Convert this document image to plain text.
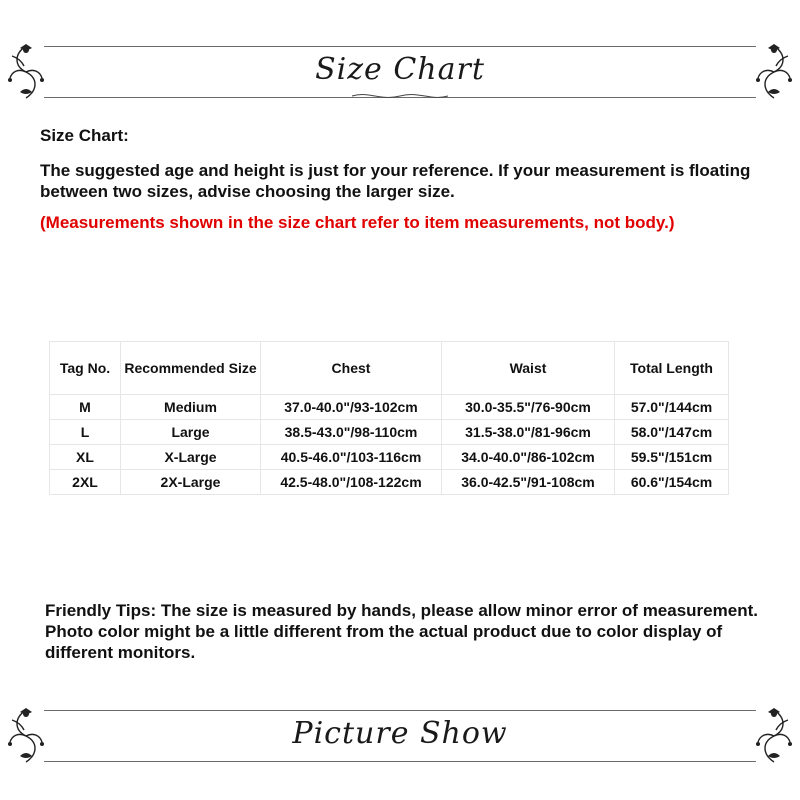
Size Chart

Size Chart:

The suggested age and height is just for your reference. If your measurement is floating between two sizes, advise choosing the larger size.

(Measurements shown in the size chart refer to item measurements, not body.)

Tag No.	Recommended Size	Chest	Waist	Total Length
M	Medium	37.0-40.0"/93-102cm	30.0-35.5"/76-90cm	57.0"/144cm
L	Large	38.5-43.0"/98-110cm	31.5-38.0"/81-96cm	58.0"/147cm
XL	X-Large	40.5-46.0"/103-116cm	34.0-40.0"/86-102cm	59.5"/151cm
2XL	2X-Large	42.5-48.0"/108-122cm	36.0-42.5"/91-108cm	60.6"/154cm
Friendly Tips: The size is measured by hands, please allow minor error of measurement. Photo color might be a little different from the actual product due to color display of different monitors.
Picture Show
